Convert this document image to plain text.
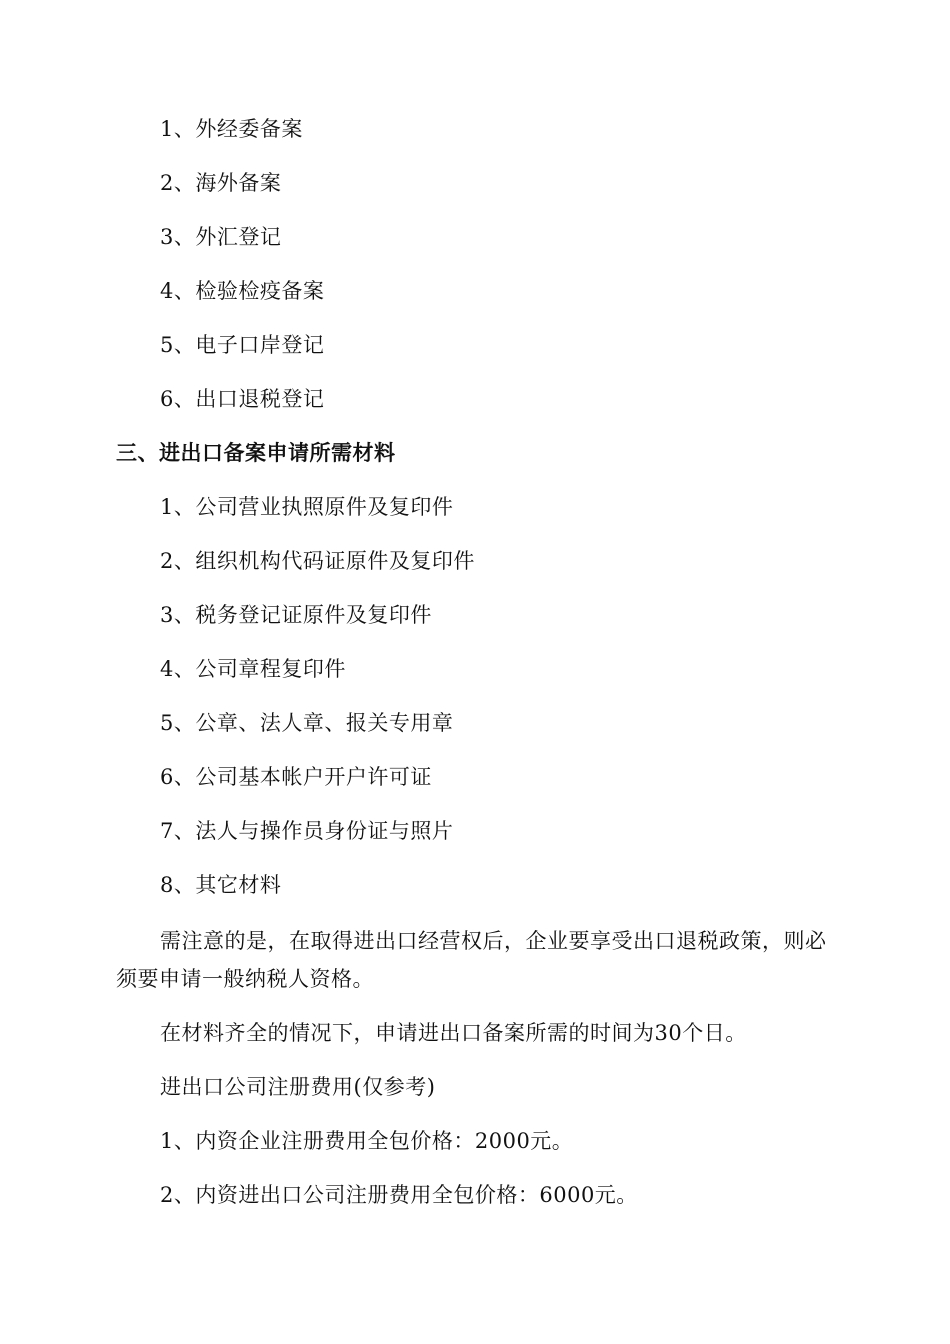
1、外经委备案
2、海外备案
3、外汇登记
4、检验检疫备案
5、电子口岸登记
6、出口退税登记
三、进出口备案申请所需材料
1、公司营业执照原件及复印件
2、组织机构代码证原件及复印件
3、税务登记证原件及复印件
4、公司章程复印件
5、公章、法人章、报关专用章
6、公司基本帐户开户许可证
7、法人与操作员身份证与照片
8、其它材料
需注意的是，在取得进出口经营权后，企业要享受出口退税政策，则必须要申请一般纳税人资格。
在材料齐全的情况下，申请进出口备案所需的时间为30个日。
进出口公司注册费用(仅参考)
1、内资企业注册费用全包价格：2000元。
2、内资进出口公司注册费用全包价格：6000元。
